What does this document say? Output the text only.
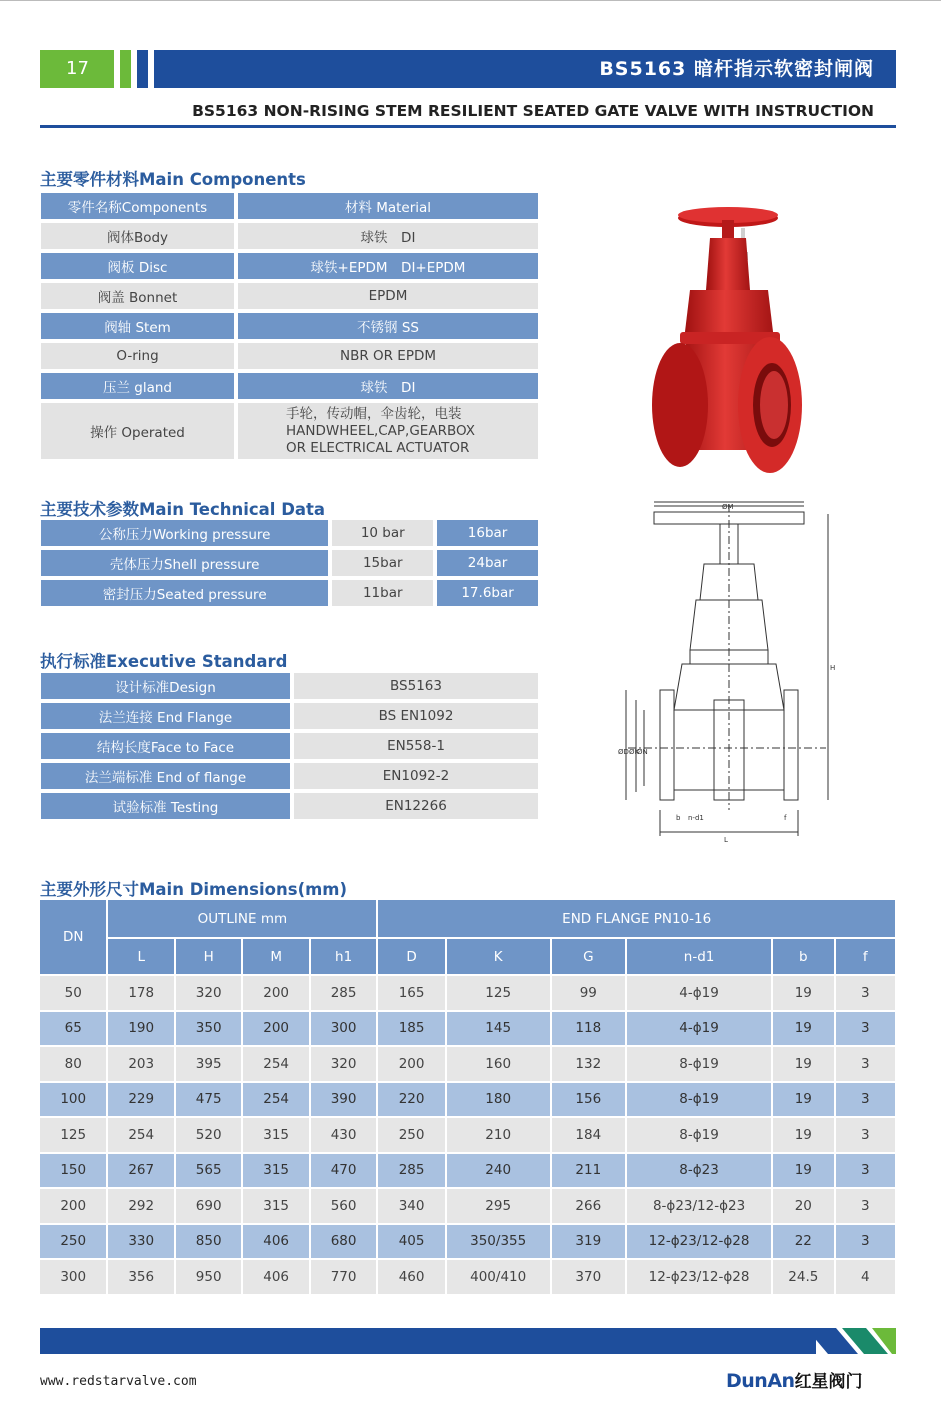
17	BS5163 暗杆指示软密封闸阀
BS5163 NON-RISING STEM RESILIENT SEATED GATE VALVE WITH INSTRUCTION
主要零件材料Main Components
零件名称Components	材料 Material
阀体Body	球铁　DI
阀板 Disc	球铁+EPDM　DI+EPDM
阀盖 Bonnet	EPDM
阀轴 Stem	不锈钢 SS
O-ring	NBR OR EPDM
压兰 gland	球铁　DI
操作 Operated	手轮，传动帽，伞齿轮，电装
HANDWHEEL,CAP,GEARBOX
OR ELECTRICAL ACTUATOR
主要技术参数Main Technical Data
公称压力Working pressure	10 bar	16bar
壳体压力Shell pressure	15bar	24bar
密封压力Seated pressure	11bar	17.6bar
执行标准Executive Standard
设计标准Design	BS5163
法兰连接 End Flange	BS EN1092
结构长度Face to Face	EN558-1
法兰端标准 End of flange	EN1092-2
试验标准 Testing	EN12266
ØM
H
ØD ØK
ØN
b	f
n-d1
L
主要外形尺寸Main Dimensions(mm)
DN	OUTLINE mm				END FLANGE PN10-16					
	L	H	M	h1	D	K	G	n-d1	b	f
50	178	320	200	285	165	125	99	4-ϕ19	19	3
65	190	350	200	300	185	145	118	4-ϕ19	19	3
80	203	395	254	320	200	160	132	8-ϕ19	19	3
100	229	475	254	390	220	180	156	8-ϕ19	19	3
125	254	520	315	430	250	210	184	8-ϕ19	19	3
150	267	565	315	470	285	240	211	8-ϕ23	19	3
200	292	690	315	560	340	295	266	8-ϕ23/12-ϕ23	20	3
250	330	850	406	680	405	350/355	319	12-ϕ23/12-ϕ28	22	3
300	356	950	406	770	460	400/410	370	12-ϕ23/12-ϕ28	24.5	4
www.redstarvalve.com	DunAn红星阀门
